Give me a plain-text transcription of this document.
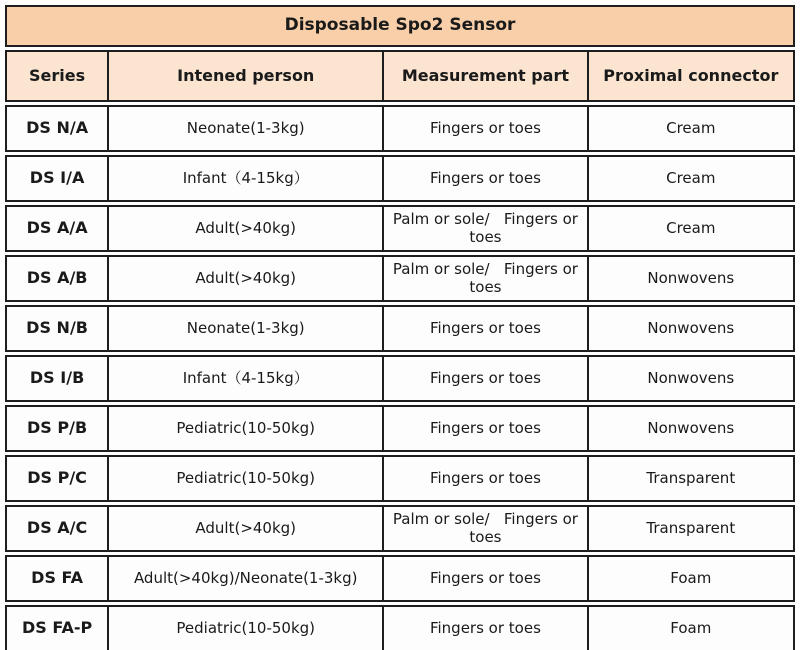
Disposable Spo2 Sensor
Series	Intened person	Measurement part	Proximal connector
DS N/A	Neonate(1-3kg)	Fingers or toes	Cream
DS I/A	Infant（4-15kg）	Fingers or toes	Cream
DS A/A	Adult(>40kg)	Palm or sole/   Fingers or toes	Cream
DS A/B	Adult(>40kg)	Palm or sole/   Fingers or toes	Nonwovens
DS N/B	Neonate(1-3kg)	Fingers or toes	Nonwovens
DS I/B	Infant（4-15kg）	Fingers or toes	Nonwovens
DS P/B	Pediatric(10-50kg)	Fingers or toes	Nonwovens
DS P/C	Pediatric(10-50kg)	Fingers or toes	Transparent
DS A/C	Adult(>40kg)	Palm or sole/   Fingers or toes	Transparent
DS FA	Adult(>40kg)/Neonate(1-3kg)	Fingers or toes	Foam
DS FA-P	Pediatric(10-50kg)	Fingers or toes	Foam
